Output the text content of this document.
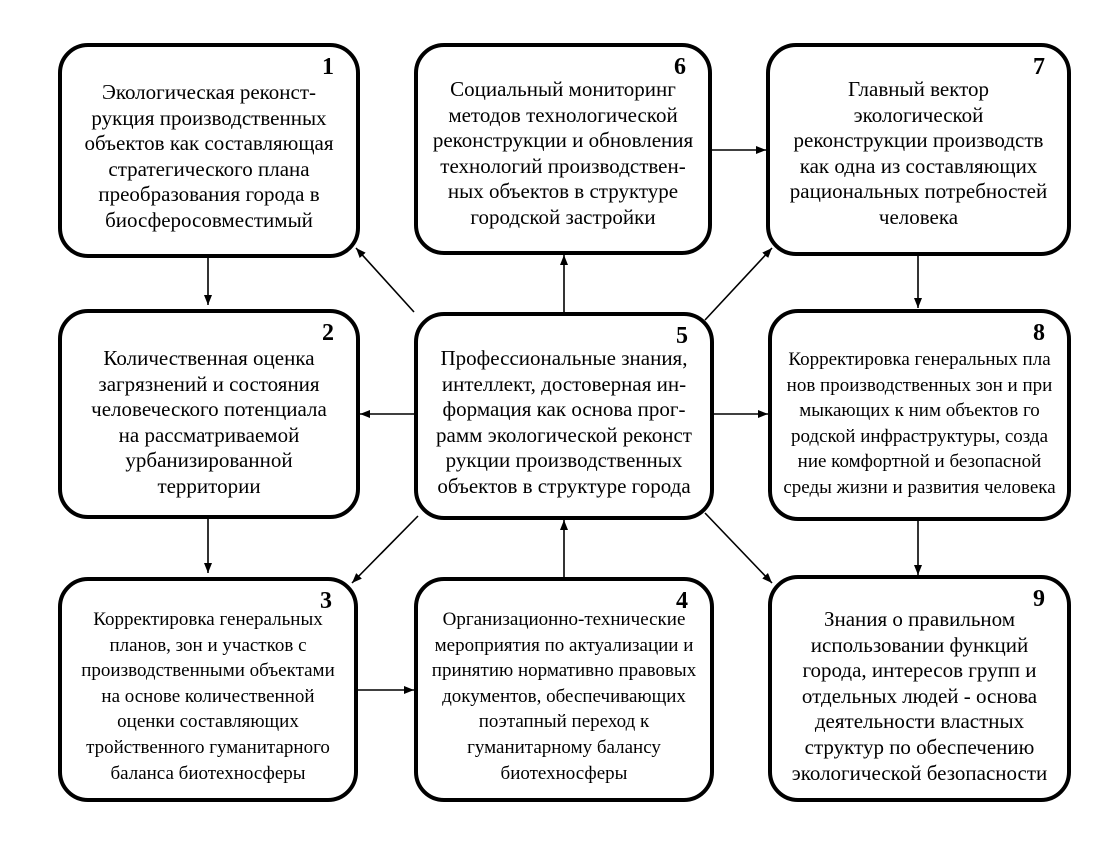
1
Экологическая реконст-
рукция производственных
объектов как составляющая
стратегического плана
преобразования города в
биосферосовместимый
6
Социальный мониторинг
методов технологической
реконструкции и обновления
технологий производствен-
ных объектов в структуре
городской застройки
7
Главный вектор
экологической
реконструкции производств
как одна из составляющих
рациональных потребностей
человека
2
Количественная оценка
загрязнений и состояния
человеческого потенциала
на рассматриваемой
урбанизированной
территории
5
Профессиональные знания,
интеллект, достоверная ин-
формация как основа прог-
рамм экологической реконст
рукции производственных
объектов в структуре города
8
Корректировка генеральных пла
нов производственных зон и при
мыкающих к ним объектов го
родской инфраструктуры, созда
ние комфортной и безопасной
среды жизни и развития человека
3
Корректировка генеральных
планов, зон и участков с
производственными объектами
на основе количественной
оценки составляющих
тройственного гуманитарного
баланса биотехносферы
4
Организационно-технические
мероприятия по актуализации и
принятию нормативно правовых
документов, обеспечивающих
поэтапный переход к
гуманитарному балансу
биотехносферы
9
Знания о правильном
использовании функций
города, интересов групп и
отдельных людей - основа
деятельности властных
структур по обеспечению
экологической безопасности
